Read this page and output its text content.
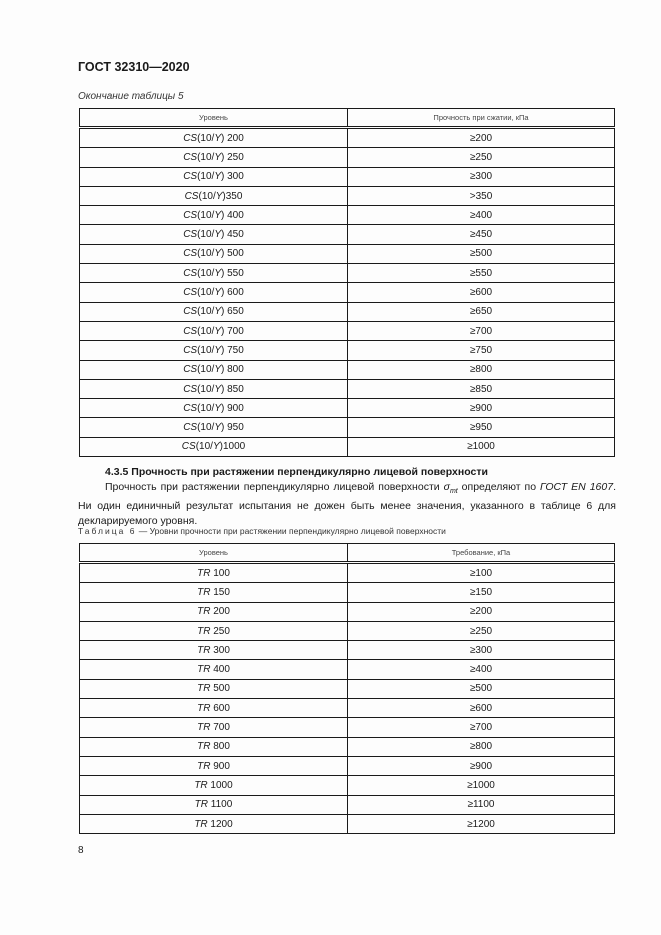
ГОСТ 32310—2020
Окончание таблицы 5
Уровень	Прочность при сжатии, кПа
CS(10/Y) 200	≥200
CS(10/Y) 250	≥250
CS(10/Y) 300	≥300
CS(10/Y)350	>350
CS(10/Y) 400	≥400
CS(10/Y) 450	≥450
CS(10/Y) 500	≥500
CS(10/Y) 550	≥550
CS(10/Y) 600	≥600
CS(10/Y) 650	≥650
CS(10/Y) 700	≥700
CS(10/Y) 750	≥750
CS(10/Y) 800	≥800
CS(10/Y) 850	≥850
CS(10/Y) 900	≥900
CS(10/Y) 950	≥950
CS(10/Y)1000	≥1000
4.3.5 Прочность при растяжении перпендикулярно лицевой поверхности
Прочность при растяжении перпендикулярно лицевой поверхности $\sigma_{mt}$ определяют по ГОСТ EN 1607. Ни один единичный результат испытания не дожен быть менее значения, указанного в таблице 6 для декларируемого уровня.
Таблица 6 — Уровни прочности при растяжении перпендикулярно лицевой поверхности
Уровень	Требование, кПа
TR 100	≥100
TR 150	≥150
TR 200	≥200
TR 250	≥250
TR 300	≥300
TR 400	≥400
TR 500	≥500
TR 600	≥600
TR 700	≥700
TR 800	≥800
TR 900	≥900
TR 1000	≥1000
TR 1100	≥1100
TR 1200	≥1200
8
